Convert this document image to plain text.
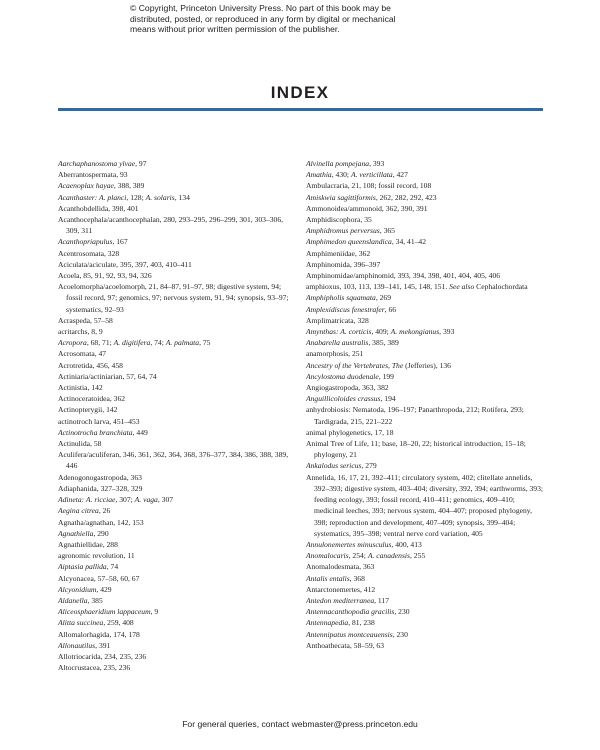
© Copyright, Princeton University Press. No part of this book may be
distributed, posted, or reproduced in any form by digital or mechanical
means without prior written permission of the publisher.
INDEX
Aarchaphanostoma ylvae, 97
Aberrantospermata, 93
Acaenoplax hayae, 388, 389
Acanthaster: A. planci, 128; A. solaris, 134
Acanthobdellida, 398, 401
Acanthocephala/acanthocephalan, 280, 293–295, 296–299, 301, 303–306, 309, 311
Acanthopriapulus, 167
Acentrosomata, 328
Aciculata/aciculate, 395, 397, 403, 410–411
Acoela, 85, 91, 92, 93, 94, 326
Acoelomorpha/acoelomorph, 21, 84–87, 91–97, 98; digestive system, 94; fossil record, 97; genomics, 97; nervous system, 91, 94; synopsis, 93–97; systematics, 92–93
Acraspeda, 57–58
acritarchs, 8, 9
Acropora, 68, 71; A. digitifera, 74; A. palmata, 75
Acrosomata, 47
Acrotretida, 456, 458
Actiniaria/actiniarian, 57, 64, 74
Actinistia, 142
Actinoceratoidea, 362
Actinopterygii, 142
actinotroch larva, 451–453
Actinotrocha branchiata, 449
Actinulida, 58
Aculifera/aculiferan, 346, 361, 362, 364, 368, 376–377, 384, 386, 388, 389, 446
Adenogonogastropoda, 363
Adiaphanida, 327–328, 329
Adineta: A. ricciae, 307; A. vaga, 307
Aegina citrea, 26
Agnatha/agnathan, 142, 153
Agnathiella, 290
Agnathiellidae, 288
agronomic revolution, 11
Aiptasia pallida, 74
Alcyonacea, 57–58, 60, 67
Alcyonidium, 429
Aldanella, 385
Aliceosphaeridium lappaceum, 9
Alitta succinea, 259, 408
Allomalorhagida, 174, 178
Allonautilus, 391
Allotriocarida, 234, 235, 236
Altocrustacea, 235, 236
Alvinella pompejana, 393
Amathia, 430; A. verticillata, 427
Ambulacraria, 21, 108; fossil record, 108
Amiskwia sagittiformis, 262, 282, 292, 423
Ammonoidea/ammonoid, 362, 390, 391
Amphidiscophora, 35
Amphidromus perversus, 365
Amphimedon queenslandica, 34, 41–42
Amphimeniidae, 362
Amphinomida, 396–397
Amphinomidae/amphinomid, 393, 394, 398, 401, 404, 405, 406
amphioxus, 103, 113, 139–141, 145, 148, 151. See also Cephalochordata
Amphipholis squamata, 269
Amplexidiscus fenestrafer, 66
Amplimatricata, 328
Amynthas: A. corticis, 409; A. mekongianus, 393
Anabarella australis, 385, 389
anamorphosis, 251
Ancestry of the Vertebrates, The (Jefferies), 136
Ancylostoma duodenale, 199
Angiogastropoda, 363, 382
Anguillicoloides crassus, 194
anhydrobiosis: Nematoda, 196–197; Panarthropoda, 212; Rotifera, 293; Tardigrada, 215, 221–222
animal phylogenetics, 17, 18
Animal Tree of Life, 11; base, 18–20, 22; historical introduction, 15–18; phylogeny, 21
Ankalodus sericus, 279
Annelida, 16, 17, 21, 392–411; circulatory system, 402; clitellate annelids, 392–393; digestive system, 403–404; diversity, 392, 394; earthworms, 393; feeding ecology, 393; fossil record, 410–411; genomics, 409–410; medicinal leeches, 393; nervous system, 404–407; proposed phylogeny, 398; reproduction and development, 407–409; synopsis, 399–404; systematics, 395–398; ventral nerve cord variation, 405
Annulonemertes minusculus, 400, 413
Anomalocaris, 254; A. canadensis, 255
Anomalodesmata, 363
Antalis entalis, 368
Antarctonemertes, 412
Antedon mediterranea, 117
Antennacanthopodia gracilis, 230
Antennapedia, 81, 238
Antennipatus montceauensis, 230
Anthoathecata, 58–59, 63
For general queries, contact webmaster@press.princeton.edu
